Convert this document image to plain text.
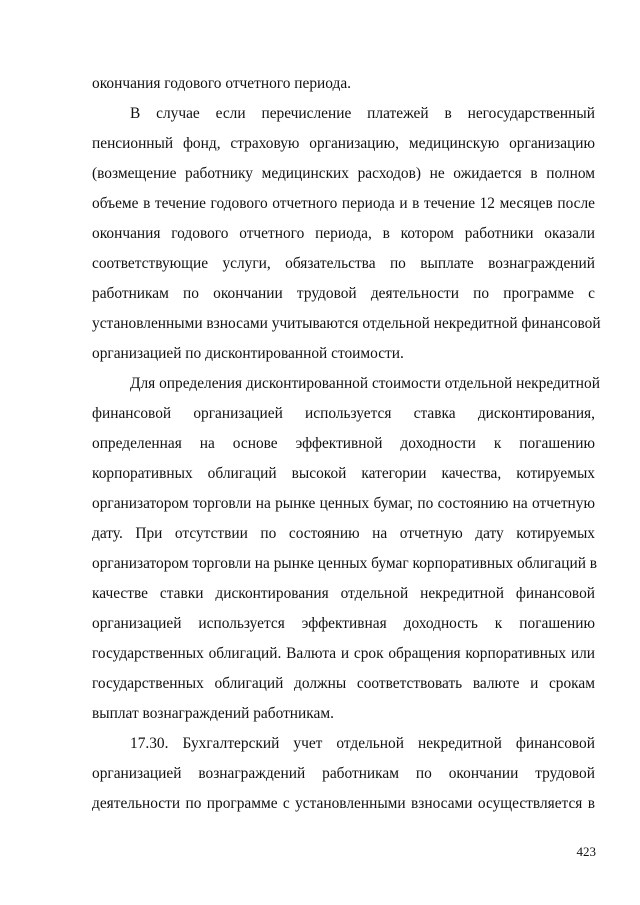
окончания годового отчетного периода.
В случае если перечисление платежей в негосударственный
пенсионный фонд, страховую организацию, медицинскую организацию
(возмещение работнику медицинских расходов) не ожидается в полном
объеме в течение годового отчетного периода и в течение 12 месяцев после
окончания годового отчетного периода, в котором работники оказали
соответствующие услуги, обязательства по выплате вознаграждений
работникам по окончании трудовой деятельности по программе с
установленными взносами учитываются отдельной некредитной финансовой
организацией по дисконтированной стоимости.
Для определения дисконтированной стоимости отдельной некредитной
финансовой организацией используется ставка дисконтирования,
определенная на основе эффективной доходности к погашению
корпоративных облигаций высокой категории качества, котируемых
организатором торговли на рынке ценных бумаг, по состоянию на отчетную
дату. При отсутствии по состоянию на отчетную дату котируемых
организатором торговли на рынке ценных бумаг корпоративных облигаций в
качестве ставки дисконтирования отдельной некредитной финансовой
организацией используется эффективная доходность к погашению
государственных облигаций. Валюта и срок обращения корпоративных или
государственных облигаций должны соответствовать валюте и срокам
выплат вознаграждений работникам.
17.30. Бухгалтерский учет отдельной некредитной финансовой
организацией вознаграждений работникам по окончании трудовой
деятельности по программе с установленными взносами осуществляется в
423
